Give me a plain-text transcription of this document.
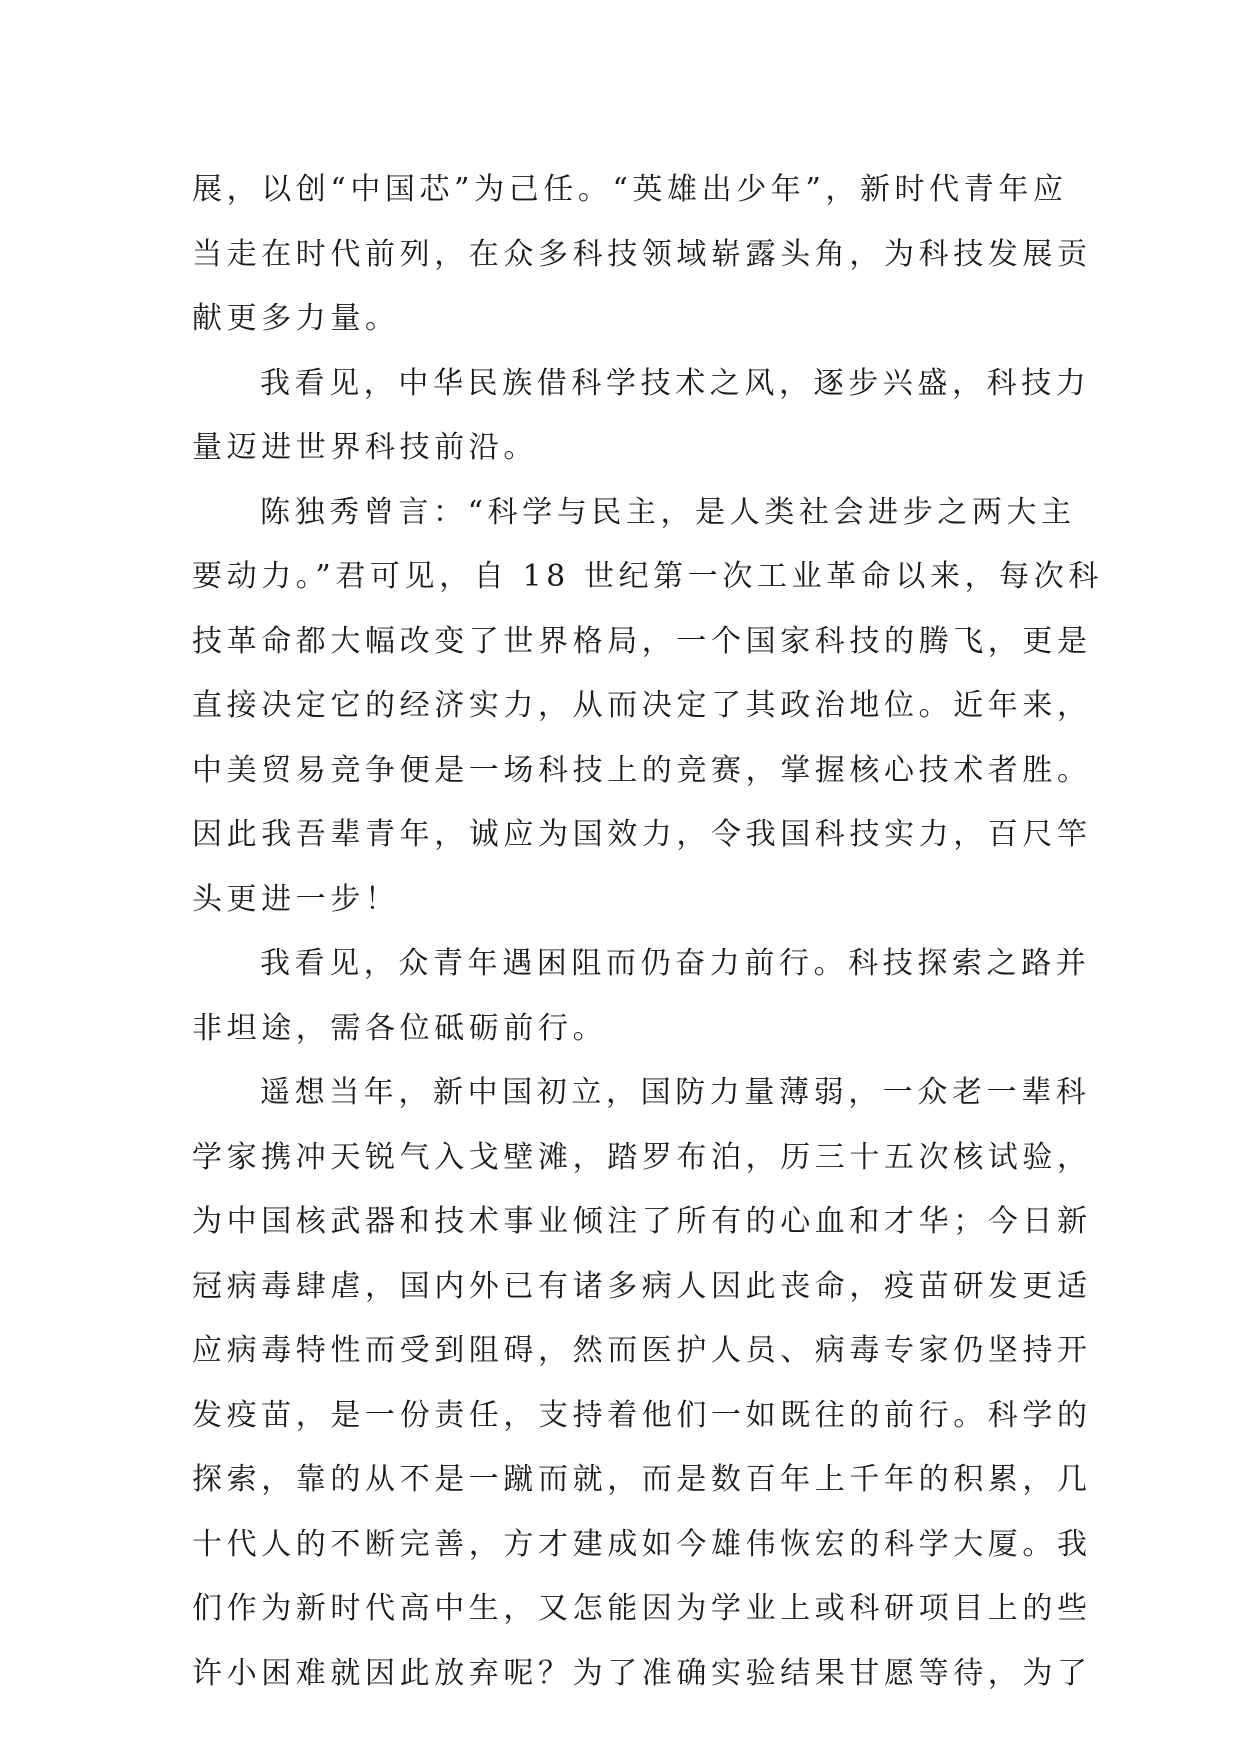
展，以创“中国芯”为己任。“英雄出少年”，新时代青年应
当走在时代前列，在众多科技领域崭露头角，为科技发展贡
献更多力量。
我看见，中华民族借科学技术之风，逐步兴盛，科技力
量迈进世界科技前沿。
陈独秀曾言：“科学与民主，是人类社会进步之两大主
要动力。”君可见，自 18 世纪第一次工业革命以来，每次科
技革命都大幅改变了世界格局，一个国家科技的腾飞，更是
直接决定它的经济实力，从而决定了其政治地位。近年来，
中美贸易竞争便是一场科技上的竞赛，掌握核心技术者胜。
因此我吾辈青年，诚应为国效力，令我国科技实力，百尺竿
头更进一步！
我看见，众青年遇困阻而仍奋力前行。科技探索之路并
非坦途，需各位砥砺前行。
遥想当年，新中国初立，国防力量薄弱，一众老一辈科
学家携冲天锐气入戈壁滩，踏罗布泊，历三十五次核试验，
为中国核武器和技术事业倾注了所有的心血和才华；今日新
冠病毒肆虐，国内外已有诸多病人因此丧命，疫苗研发更适
应病毒特性而受到阻碍，然而医护人员、病毒专家仍坚持开
发疫苗，是一份责任，支持着他们一如既往的前行。科学的
探索，靠的从不是一蹴而就，而是数百年上千年的积累，几
十代人的不断完善，方才建成如今雄伟恢宏的科学大厦。我
们作为新时代高中生，又怎能因为学业上或科研项目上的些
许小困难就因此放弃呢？为了准确实验结果甘愿等待，为了
